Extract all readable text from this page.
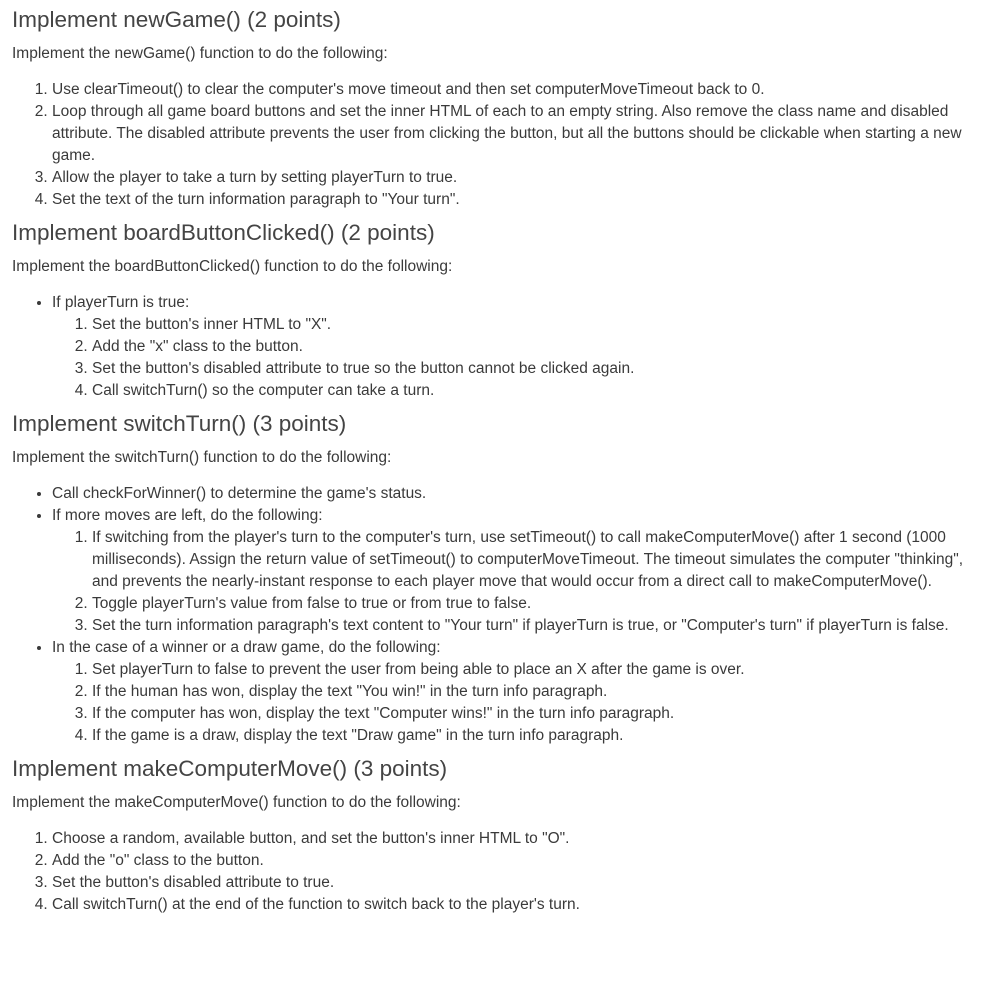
Implement newGame() (2 points)

Implement the newGame() function to do the following:

1. Use clearTimeout() to clear the computer's move timeout and then set computerMoveTimeout back to 0.
2. Loop through all game board buttons and set the inner HTML of each to an empty string. Also remove the class name and disabled attribute. The disabled attribute prevents the user from clicking the button, but all the buttons should be clickable when starting a new game.
3. Allow the player to take a turn by setting playerTurn to true.
4. Set the text of the turn information paragraph to "Your turn".
Implement boardButtonClicked() (2 points)

Implement the boardButtonClicked() function to do the following:

• If playerTurn is true:
1. Set the button's inner HTML to "X".
2. Add the "x" class to the button.
3. Set the button's disabled attribute to true so the button cannot be clicked again.
4. Call switchTurn() so the computer can take a turn.
Implement switchTurn() (3 points)

Implement the switchTurn() function to do the following:

• Call checkForWinner() to determine the game's status.
• If more moves are left, do the following:
1. If switching from the player's turn to the computer's turn, use setTimeout() to call makeComputerMove() after 1 second (1000 milliseconds). Assign the return value of setTimeout() to computerMoveTimeout. The timeout simulates the computer "thinking", and prevents the nearly-instant response to each player move that would occur from a direct call to makeComputerMove().
2. Toggle playerTurn's value from false to true or from true to false.
3. Set the turn information paragraph's text content to "Your turn" if playerTurn is true, or "Computer's turn" if playerTurn is false.
• In the case of a winner or a draw game, do the following:
1. Set playerTurn to false to prevent the user from being able to place an X after the game is over.
2. If the human has won, display the text "You win!" in the turn info paragraph.
3. If the computer has won, display the text "Computer wins!" in the turn info paragraph.
4. If the game is a draw, display the text "Draw game" in the turn info paragraph.
Implement makeComputerMove() (3 points)

Implement the makeComputerMove() function to do the following:

1. Choose a random, available button, and set the button's inner HTML to "O".
2. Add the "o" class to the button.
3. Set the button's disabled attribute to true.
4. Call switchTurn() at the end of the function to switch back to the player's turn.
